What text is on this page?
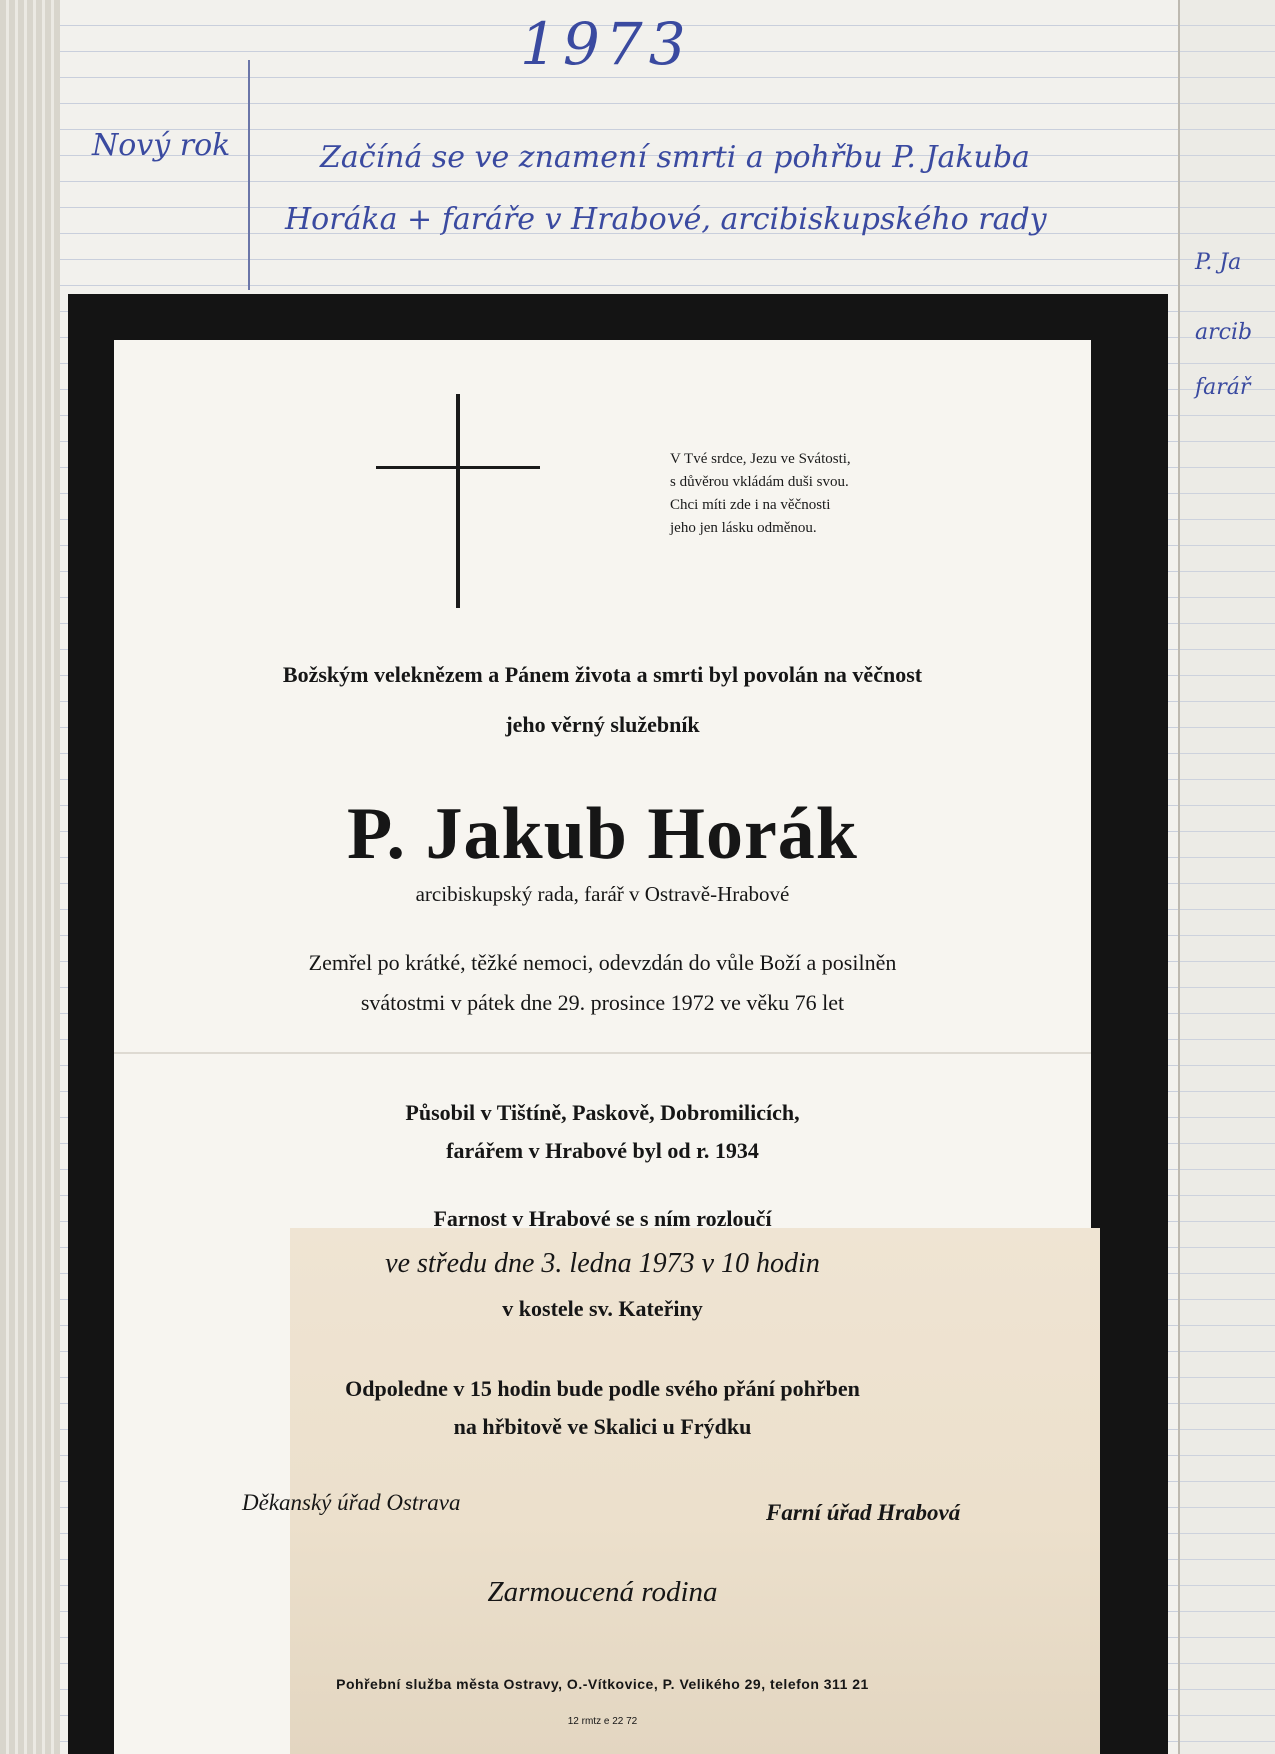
1973
Nový rok	Začíná se ve znamení smrti a pohřbu P. Jakuba
Horáka + faráře v Hrabové, arcibiskupského rady
P. Ja
arcib
farář
V Tvé srdce, Jezu ve Svátosti,
s důvěrou vkládám duši svou.
Chci míti zde i na věčnosti
jeho jen lásku odměnou.
Božským veleknězem a Pánem života a smrti byl povolán na věčnost
jeho věrný služebník
P. Jakub Horák
arcibiskupský rada, farář v Ostravě-Hrabové
Zemřel po krátké, těžké nemoci, odevzdán do vůle Boží a posilněn
svátostmi v pátek dne 29. prosince 1972 ve věku 76 let
Působil v Tištíně, Paskově, Dobromilicích,
farářem v Hrabové byl od r. 1934
Farnost v Hrabové se s ním rozloučí
ve středu dne 3. ledna 1973 v 10 hodin
v kostele sv. Kateřiny
Odpoledne v 15 hodin bude podle svého přání pohřben
na hřbitově ve Skalici u Frýdku
Děkanský úřad Ostrava	Farní úřad Hrabová
Zarmoucená rodina
Pohřební služba města Ostravy, O.-Vítkovice, P. Velikého 29, telefon 311 21
12 rmtz e 22 72
